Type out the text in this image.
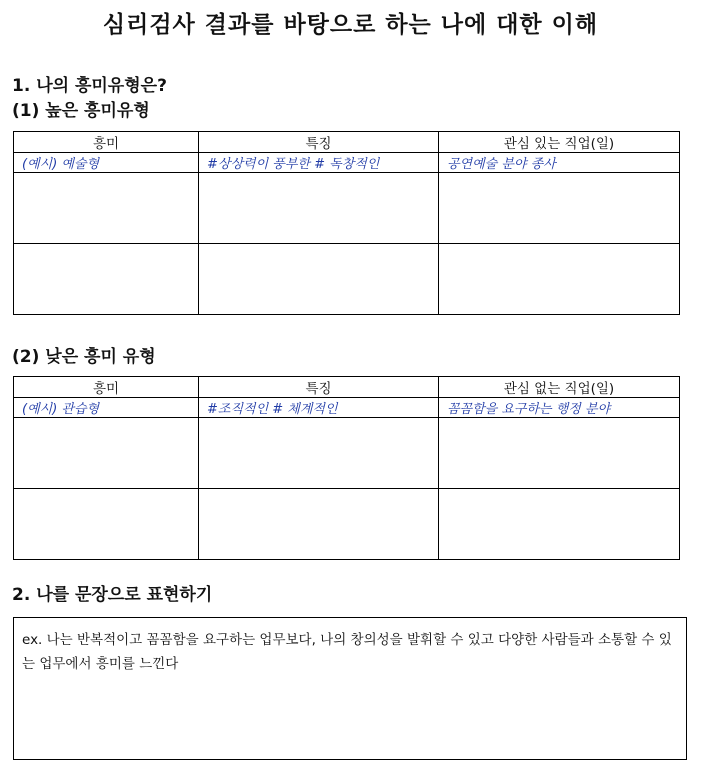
심리검사 결과를 바탕으로 하는 나에 대한 이해
1. 나의 흥미유형은?
(1) 높은 흥미유형
흥미	특징	관심 있는 직업(일)
(예시) 예술형	#상상력이 풍부한 # 독창적인	공연예술 분야 종사

(2) 낮은 흥미 유형
흥미	특징	관심 없는 직업(일)
(예시) 관습형	#조직적인 # 체계적인	꼼꼼함을 요구하는 행정 분야

2. 나를 문장으로 표현하기
ex. 나는 반복적이고 꼼꼼함을 요구하는 업무보다, 나의 창의성을 발휘할 수 있고 다양한 사람들과 소통할 수 있는 업무에서 흥미를 느낀다
